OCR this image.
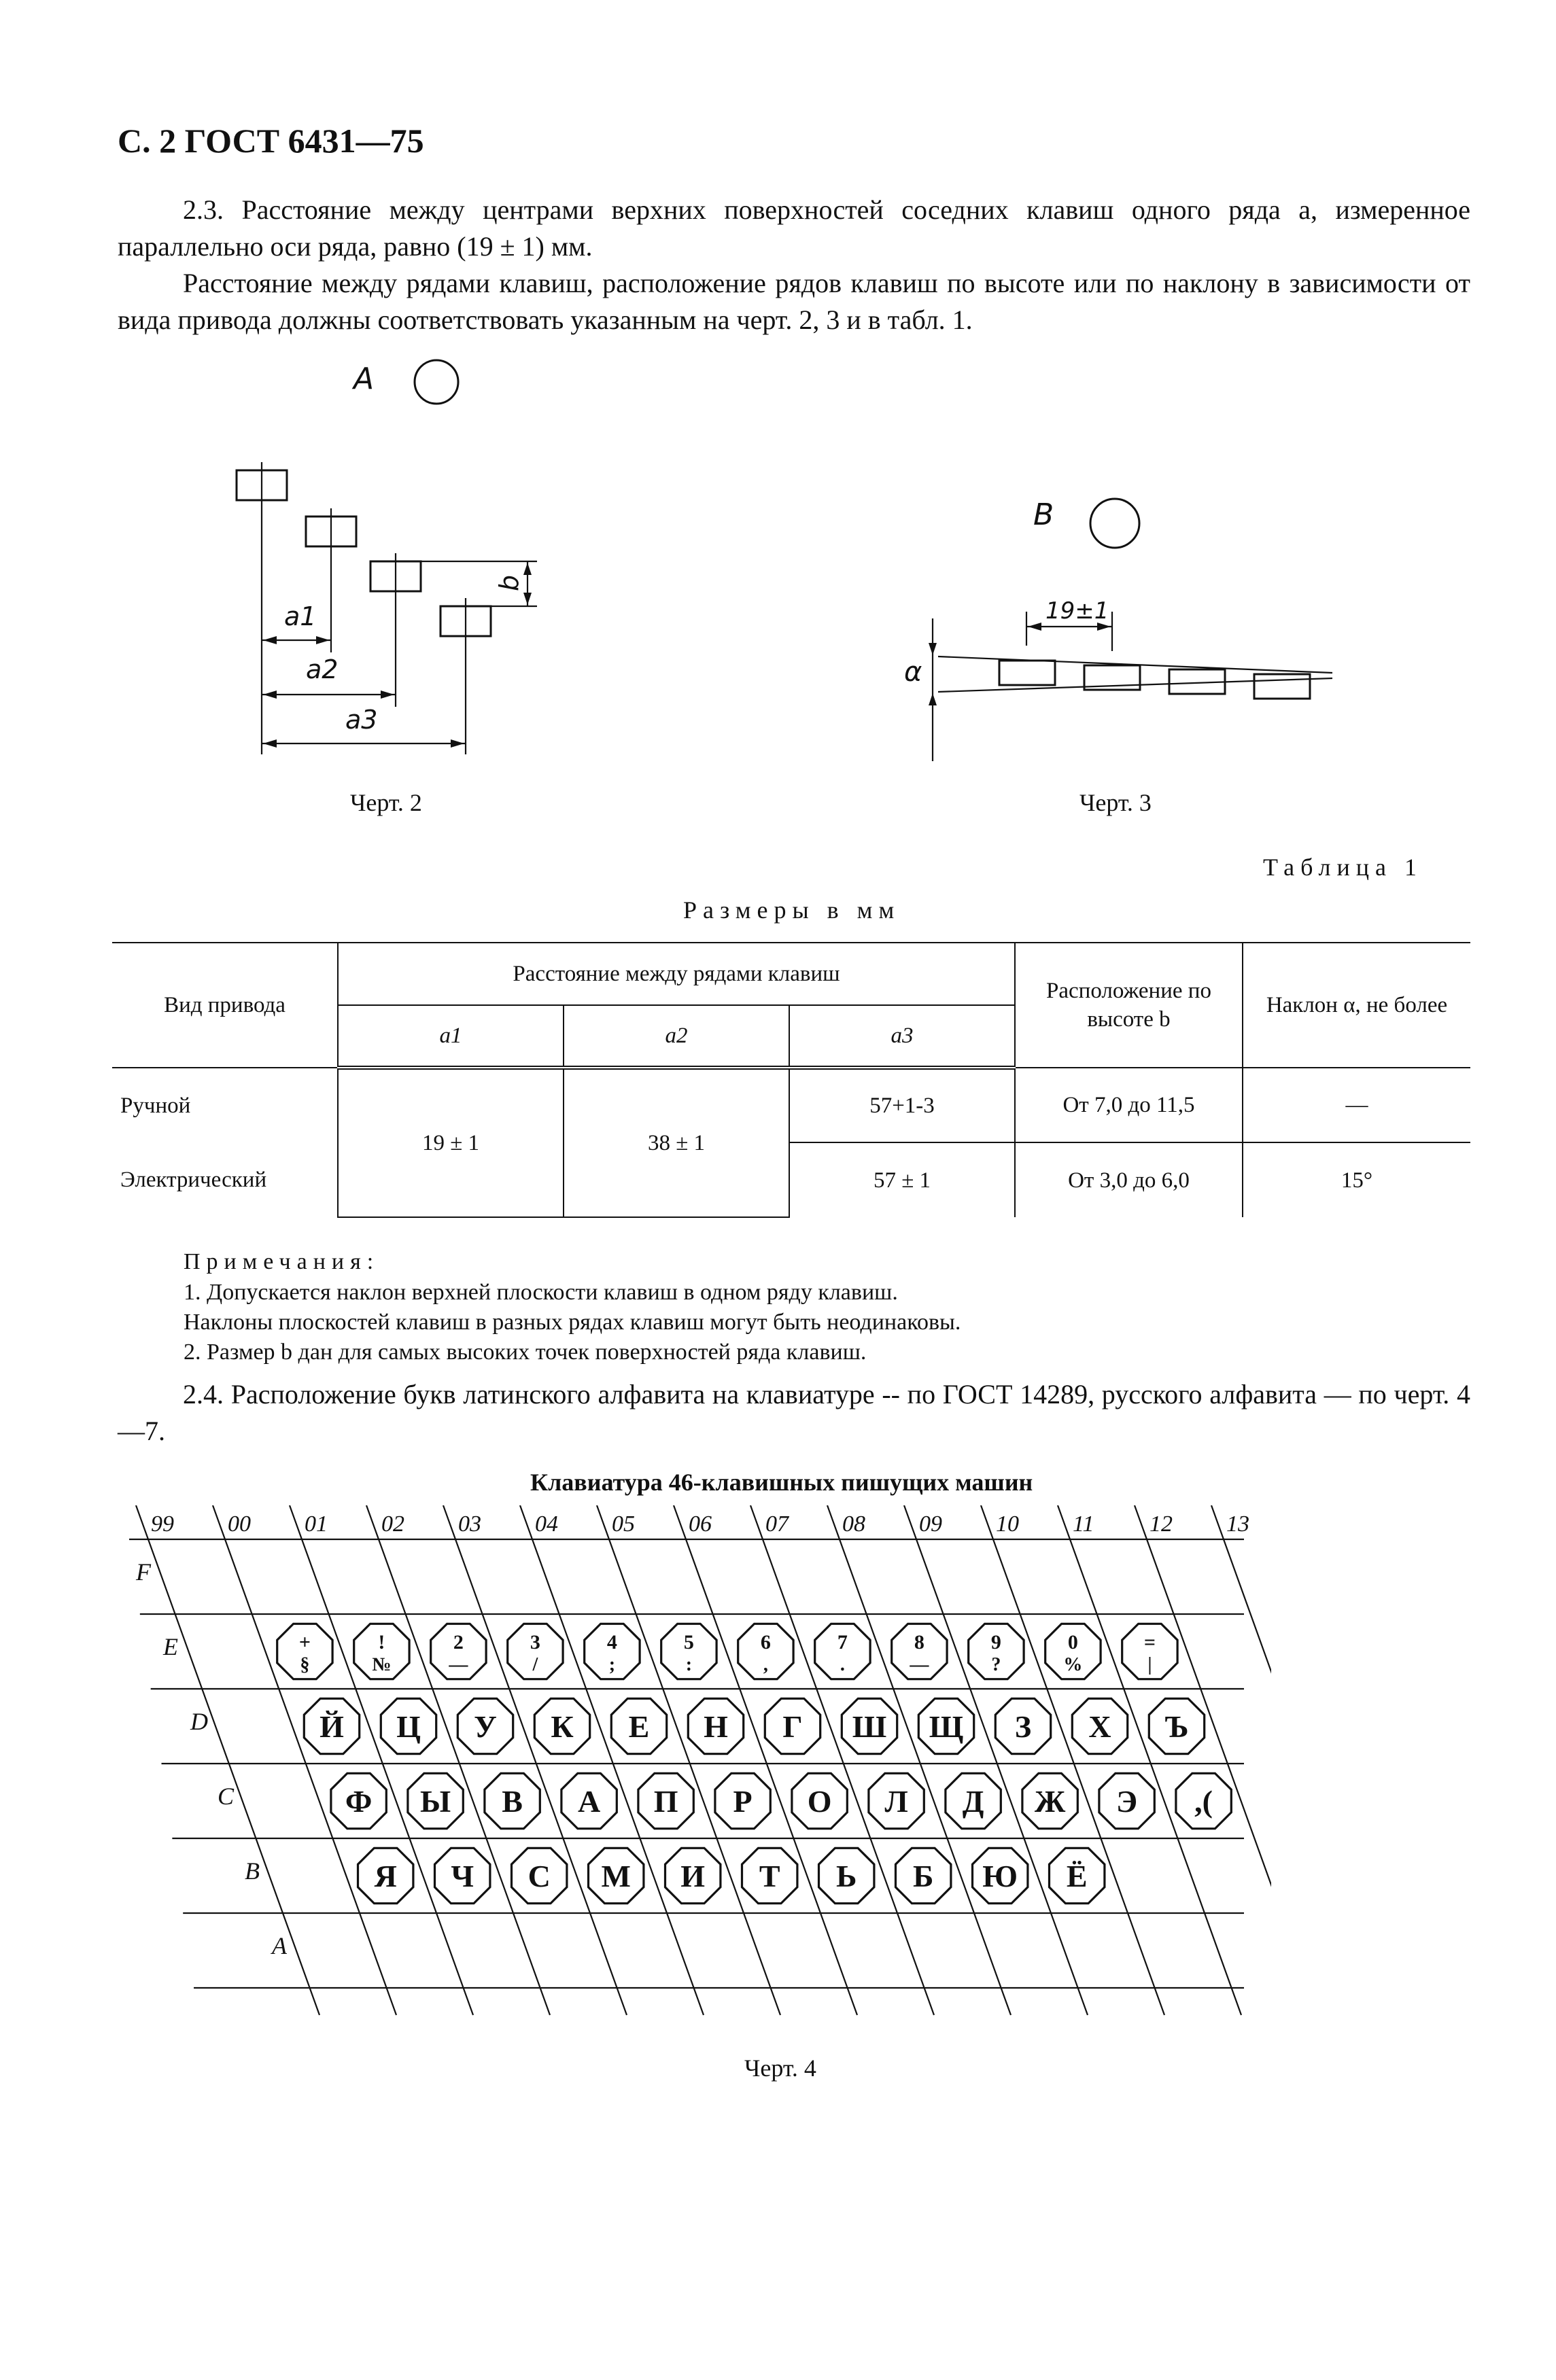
С. 2 ГОСТ 6431—75
2.3. Расстояние между центрами верхних поверхностей соседних клавиш одного ряда a, измеренное параллельно оси ряда, равно (19 ± 1) мм.
Расстояние между рядами клавиш, расположение рядов клавиш по высоте или по наклону в зависимости от вида привода должны соответствовать указанным на черт. 2, 3 и в табл. 1.
A
a1
a2
a3
b
Черт. 2
B
19±1
α
Черт. 3
Таблица 1
Размеры в мм
Вид привода	Расстояние между рядами клавиш			Расположение по высоте b	Наклон α, не более
	a1	a2	a3		
Ручной	19 ± 1	38 ± 1	57+1-3	От 7,0 до 11,5	—
Электрический			57 ± 1	От 3,0 до 6,0	15°
Примечания:
1. Допускается наклон верхней плоскости клавиш в одном ряду клавиш.
Наклоны плоскостей клавиш в разных рядах клавиш могут быть неодинаковы.
2. Размер b дан для самых высоких точек поверхностей ряда клавиш.
2.4. Расположение букв латинского алфавита на клавиатуре -- по ГОСТ 14289, русского алфавита — по черт. 4—7.
Клавиатура 46-клавишных пишущих машин
99 00 01 02 03 04 05 06 07 08 09 10 11 12 13
F
E
D
C
B
A
+
§
!
№
2
—
3
/
4
;
5
:
6
,
7
.
8
—
9
?
0
%
=
|
Й Ц У К Е Н Г Ш Щ З Х Ъ
Ф Ы В А П Р О Л Д Ж Э ,(
Я Ч С М И Т Ь Б Ю Ё
Черт. 4
